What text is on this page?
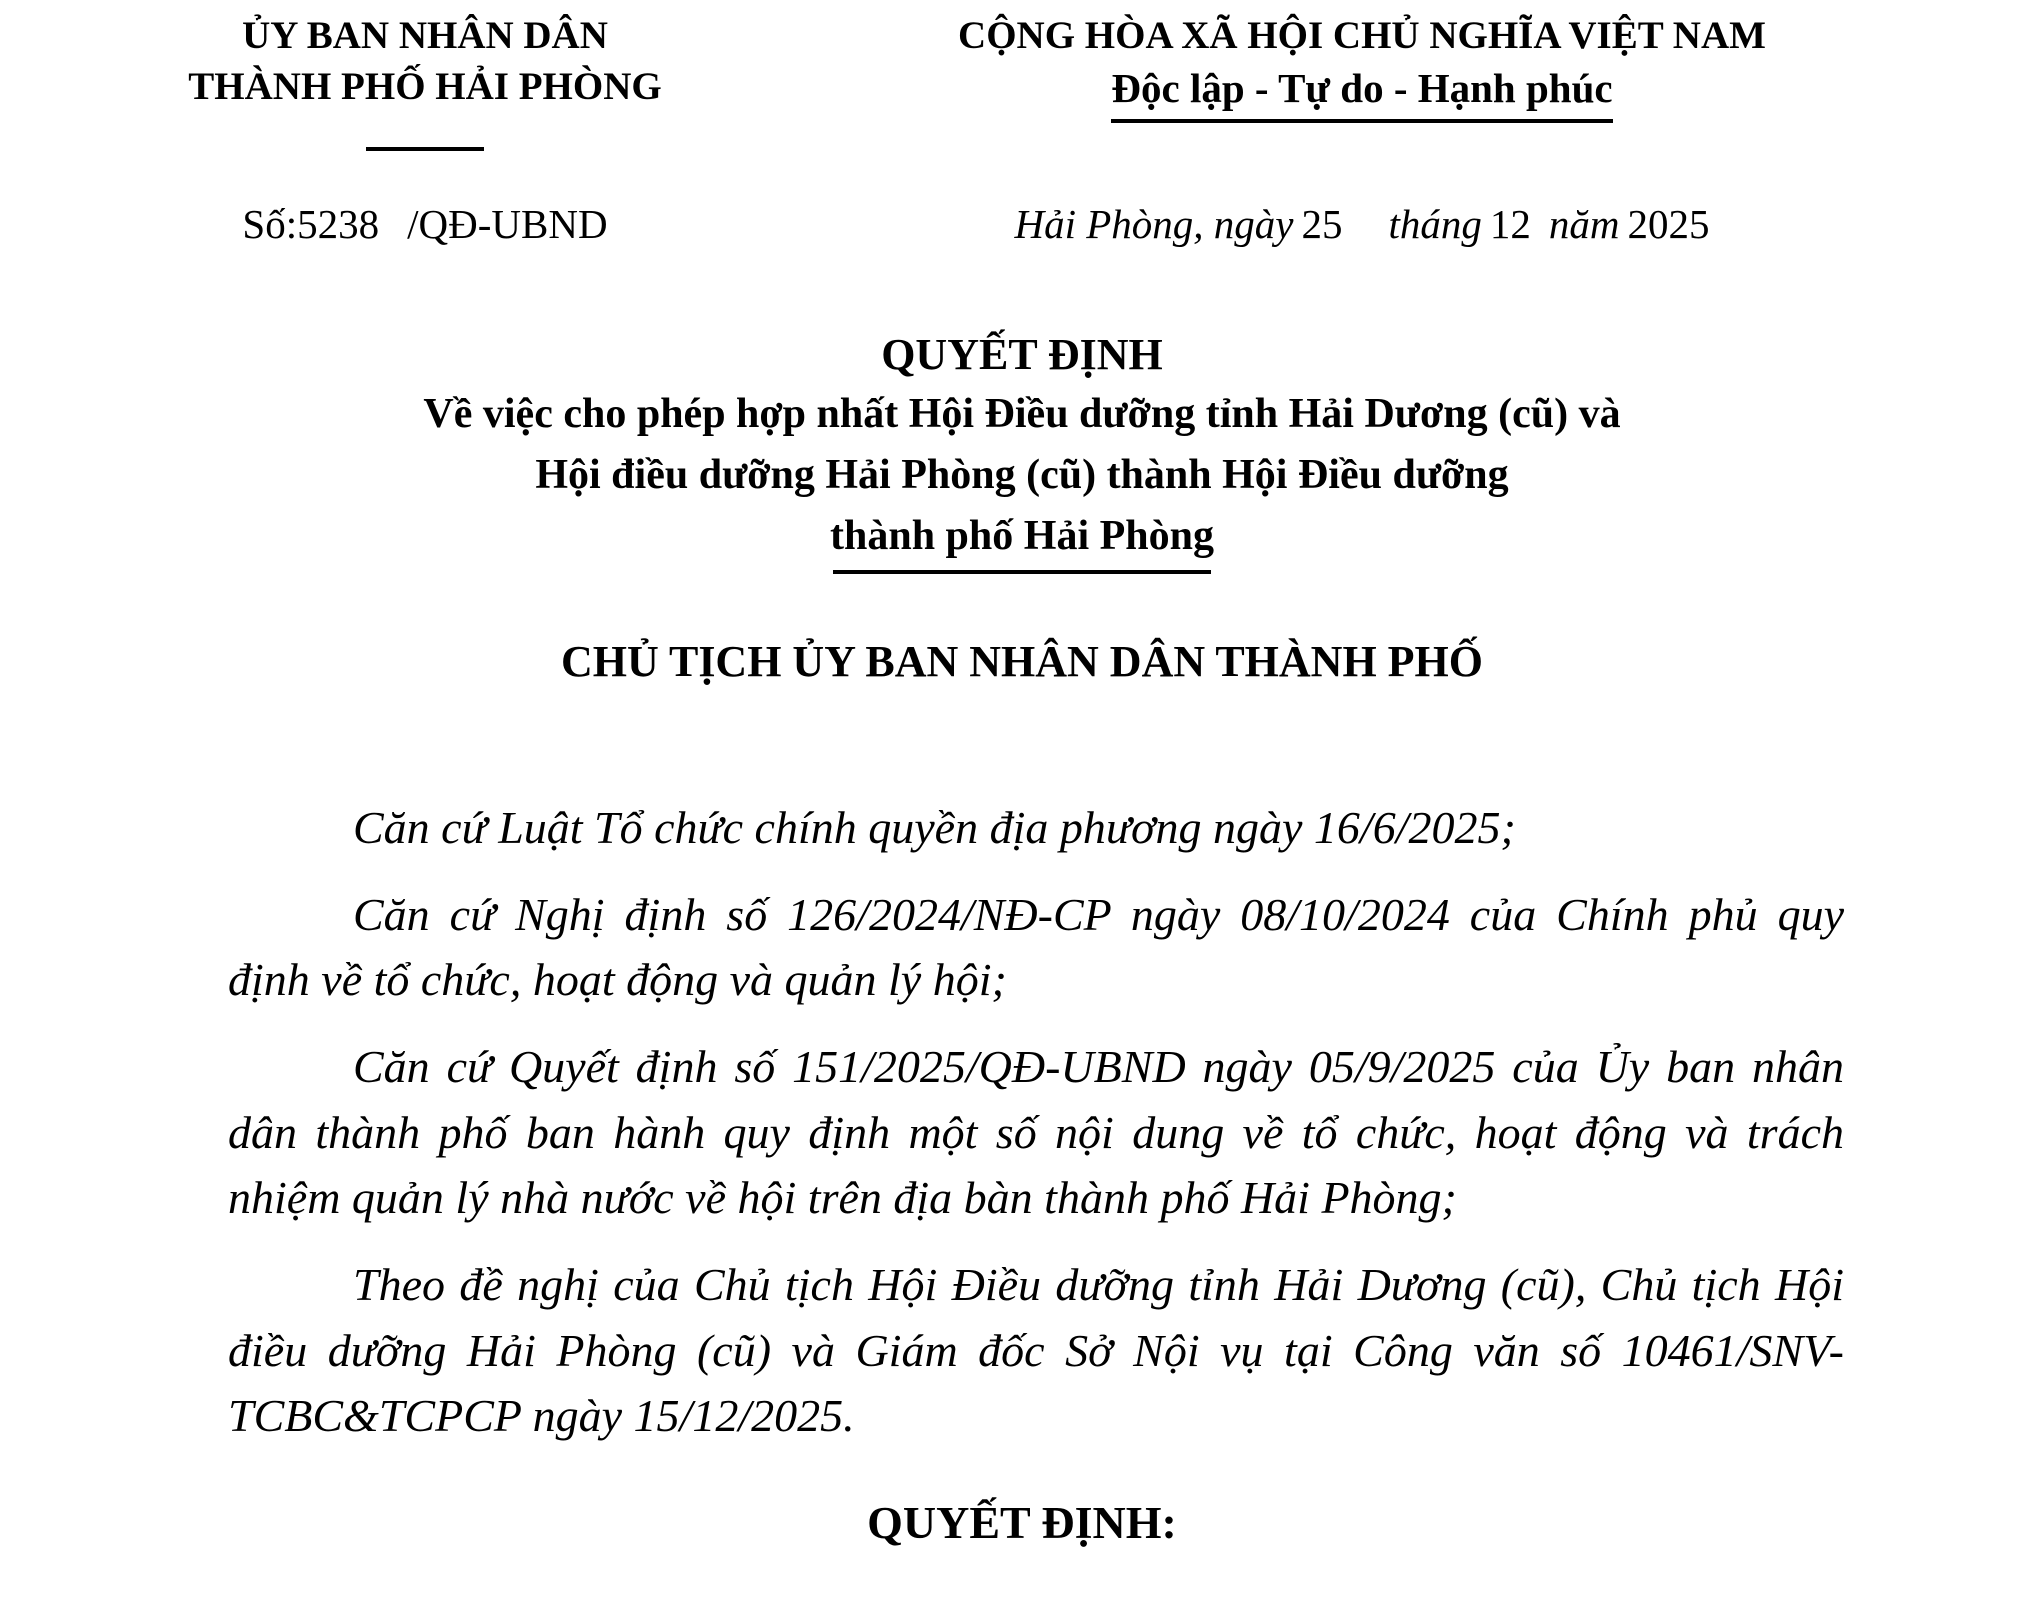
ỦY BAN NHÂN DÂN
THÀNH PHỐ HẢI PHÒNG
CỘNG HÒA XÃ HỘI CHỦ NGHĨA VIỆT NAM
Độc lập - Tự do - Hạnh phúc
Số:5238 /QĐ-UBND	Hải Phòng, ngày 25 tháng 12 năm 2025
QUYẾT ĐỊNH
Về việc cho phép hợp nhất Hội Điều dưỡng tỉnh Hải Dương (cũ) và
Hội điều dưỡng Hải Phòng (cũ) thành Hội Điều dưỡng
thành phố Hải Phòng
CHỦ TỊCH ỦY BAN NHÂN DÂN THÀNH PHỐ

Căn cứ Luật Tổ chức chính quyền địa phương ngày 16/6/2025;

Căn cứ Nghị định số 126/2024/NĐ-CP ngày 08/10/2024 của Chính phủ quy định về tổ chức, hoạt động và quản lý hội;

Căn cứ Quyết định số 151/2025/QĐ-UBND ngày 05/9/2025 của Ủy ban nhân dân thành phố ban hành quy định một số nội dung về tổ chức, hoạt động và trách nhiệm quản lý nhà nước về hội trên địa bàn thành phố Hải Phòng;

Theo đề nghị của Chủ tịch Hội Điều dưỡng tỉnh Hải Dương (cũ), Chủ tịch Hội điều dưỡng Hải Phòng (cũ) và Giám đốc Sở Nội vụ tại Công văn số 10461/SNV-TCBC&TCPCP ngày 15/12/2025.

QUYẾT ĐỊNH:
